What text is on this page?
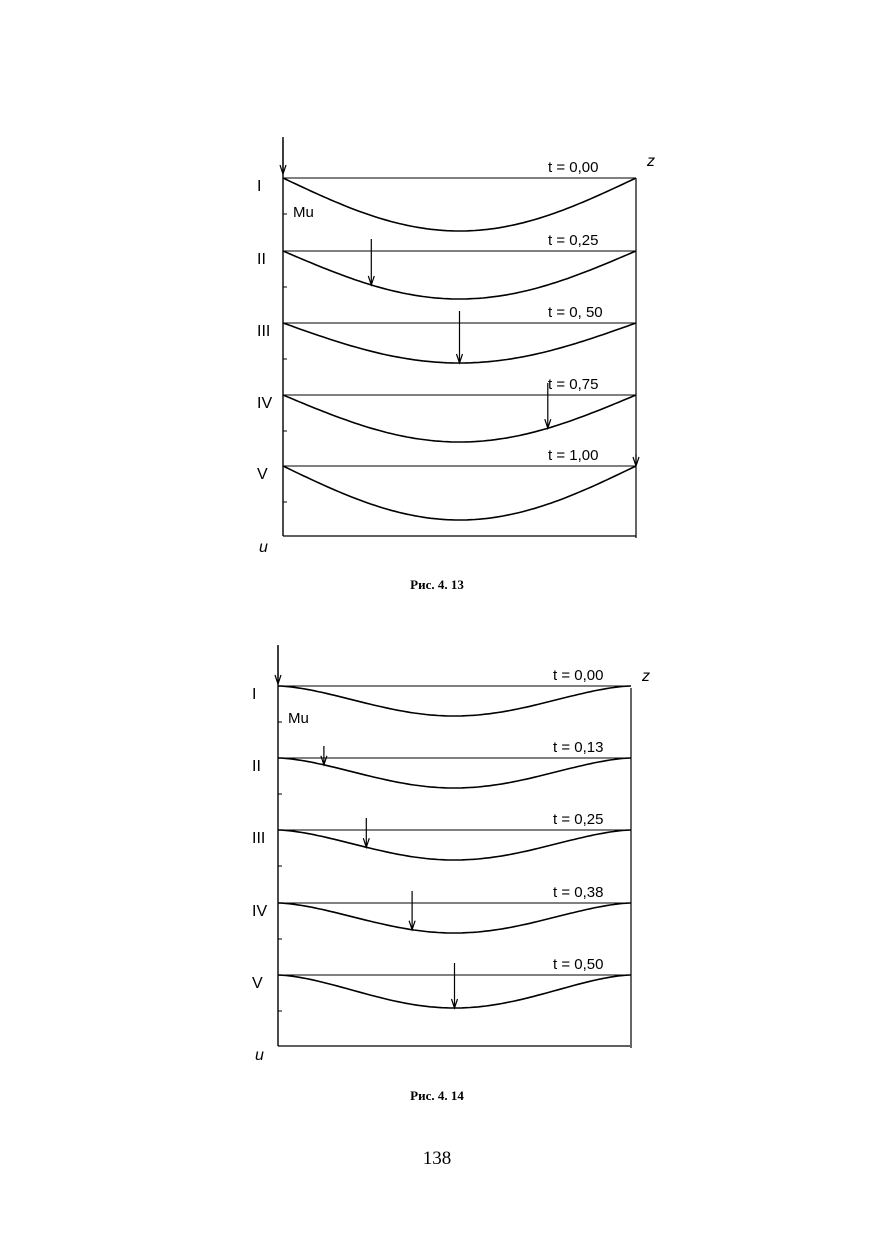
z
u
Mu
I
t = 0,00
II
t = 0,25
III
t = 0, 50
IV
t = 0,75
V
t = 1,00
Рис. 4. 13
z
u
Mu
I
t = 0,00
II
t = 0,13
III
t = 0,25
IV
t = 0,38
V
t = 0,50
Рис. 4. 14
138
